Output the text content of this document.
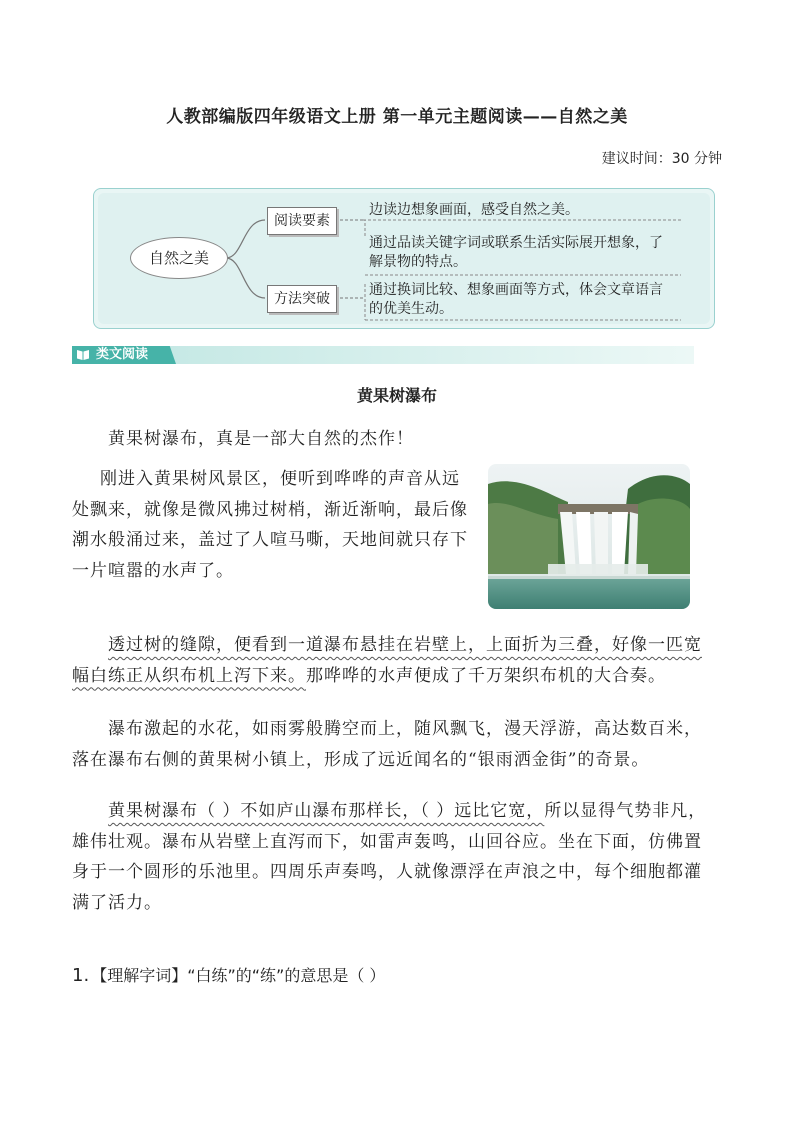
人教部编版四年级语文上册 第一单元主题阅读——自然之美
建议时间：30 分钟
自然之美
阅读要素
方法突破
边读边想象画面，感受自然之美。
通过品读关键字词或联系生活实际展开想象，了解景物的特点。
通过换词比较、想象画面等方式，体会文章语言的优美生动。
类文阅读
黄果树瀑布
黄果树瀑布，真是一部大自然的杰作！
刚进入黄果树风景区，便听到哗哗的声音从远处飘来，就像是微风拂过树梢，渐近渐响，最后像潮水般涌过来，盖过了人喧马嘶，天地间就只存下一片喧嚣的水声了。
透过树的缝隙，便看到一道瀑布悬挂在岩壁上，上面折为三叠，好像一匹宽幅白练正从织布机上泻下来。那哗哗的水声便成了千万架织布机的大合奏。
瀑布激起的水花，如雨雾般腾空而上，随风飘飞，漫天浮游，高达数百米，落在瀑布右侧的黄果树小镇上，形成了远近闻名的“银雨洒金街”的奇景。
黄果树瀑布（ ）不如庐山瀑布那样长，（ ）远比它宽，所以显得气势非凡，雄伟壮观。瀑布从岩壁上直泻而下，如雷声轰鸣，山回谷应。坐在下面，仿佛置身于一个圆形的乐池里。四周乐声奏鸣，人就像漂浮在声浪之中，每个细胞都灌满了活力。
1. 【理解字词】“白练”的“练”的意思是（ ）
